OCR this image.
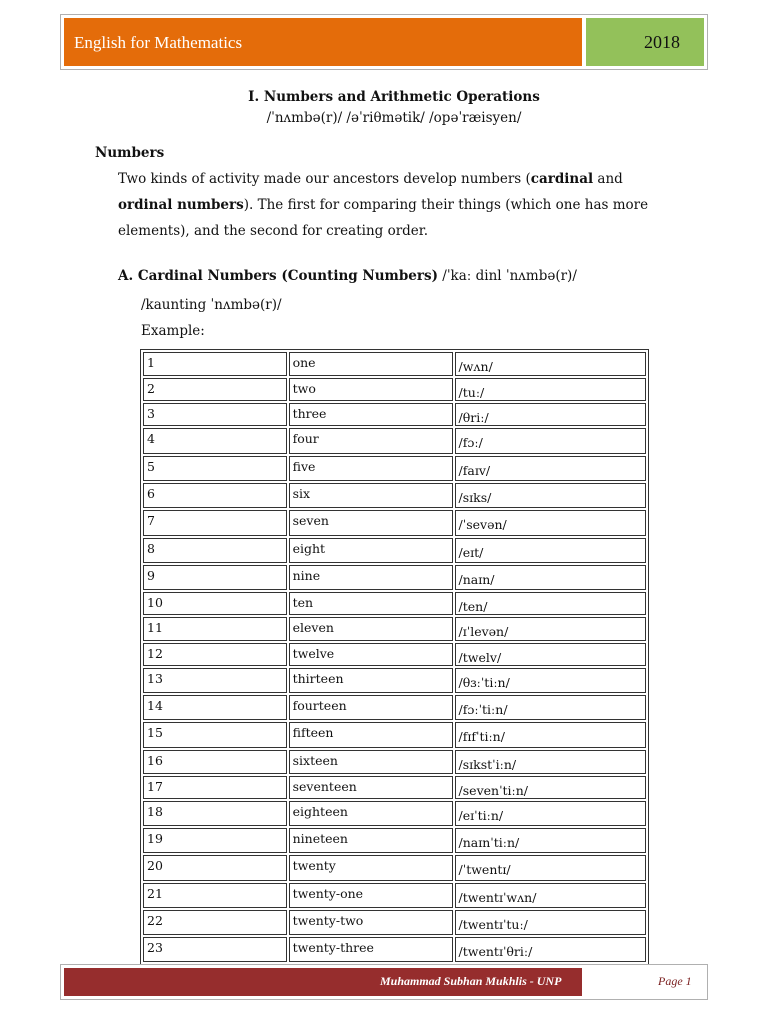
English for Mathematics	2018
I. Numbers and Arithmetic Operations
/ˈnʌmbə(r)/ /əˈriθmətik/ /opəˈræisyen/
Numbers

Two kinds of activity made our ancestors develop numbers (cardinal and

ordinal numbers). The first for comparing their things (which one has more

elements), and the second for creating order.

A. Cardinal Numbers (Counting Numbers) /ˈkaː dinl ˈnʌmbə(r)/
/kaunting ˈnʌmbə(r)/
Example:
1	one	/wʌn/
2	two	/tuː/
3	three	/θriː/
4	four	/fɔː/
5	five	/faɪv/
6	six	/sɪks/
7	seven	/ˈsevən/
8	eight	/eɪt/
9	nine	/naɪn/
10	ten	/ten/
11	eleven	/ɪˈlevən/
12	twelve	/twelv/
13	thirteen	/θɜːˈtiːn/
14	fourteen	/fɔːˈtiːn/
15	fifteen	/fɪfˈtiːn/
16	sixteen	/sɪkstˈiːn/
17	seventeen	/sevenˈtiːn/
18	eighteen	/eɪˈtiːn/
19	nineteen	/naɪnˈtiːn/
20	twenty	/ˈtwentɪ/
21	twenty-one	/twentɪˈwʌn/
22	twenty-two	/twentɪˈtuː/
23	twenty-three	/twentɪˈθriː/
Muhammad Subhan Mukhlis - UNP	Page 1
